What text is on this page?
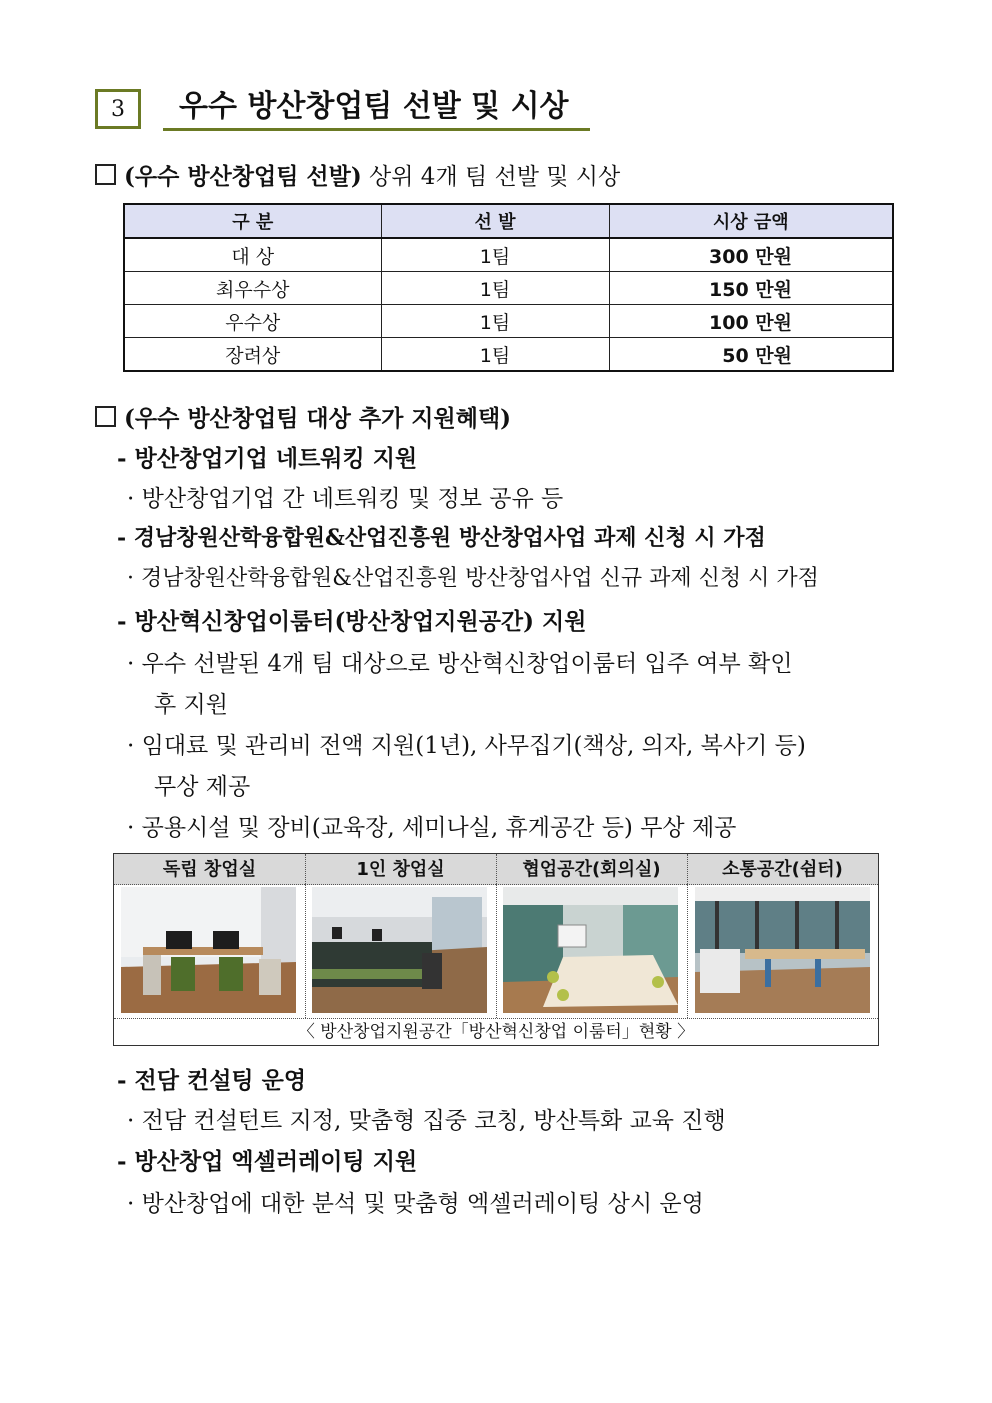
3	우수 방산창업팀 선발 및 시상
(우수 방산창업팀 선발) 상위 4개 팀 선발 및 시상
구 분	선 발	시상 금액
대 상	1팀	300 만원
최우수상	1팀	150 만원
우수상	1팀	100 만원
장려상	1팀	50 만원
(우수 방산창업팀 대상 추가 지원혜택)
- 방산창업기업 네트워킹 지원
· 방산창업기업 간 네트워킹 및 정보 공유 등
- 경남창원산학융합원&산업진흥원 방산창업사업 과제 신청 시 가점
· 경남창원산학융합원&산업진흥원 방산창업사업 신규 과제 신청 시 가점
- 방산혁신창업이룸터(방산창업지원공간) 지원
· 우수 선발된 4개 팀 대상으로 방산혁신창업이룸터 입주 여부 확인
후 지원
· 임대료 및 관리비 전액 지원(1년), 사무집기(책상, 의자, 복사기 등)
무상 제공
· 공용시설 및 장비(교육장, 세미나실, 휴게공간 등) 무상 제공
독립 창업실	1인 창업실	협업공간(회의실)	소통공간(쉼터)
〈 방산창업지원공간「방산혁신창업 이룸터」현황 〉
- 전담 컨설팅 운영
· 전담 컨설턴트 지정, 맞춤형 집중 코칭, 방산특화 교육 진행
- 방산창업 엑셀러레이팅 지원
· 방산창업에 대한 분석 및 맞춤형 엑셀러레이팅 상시 운영
